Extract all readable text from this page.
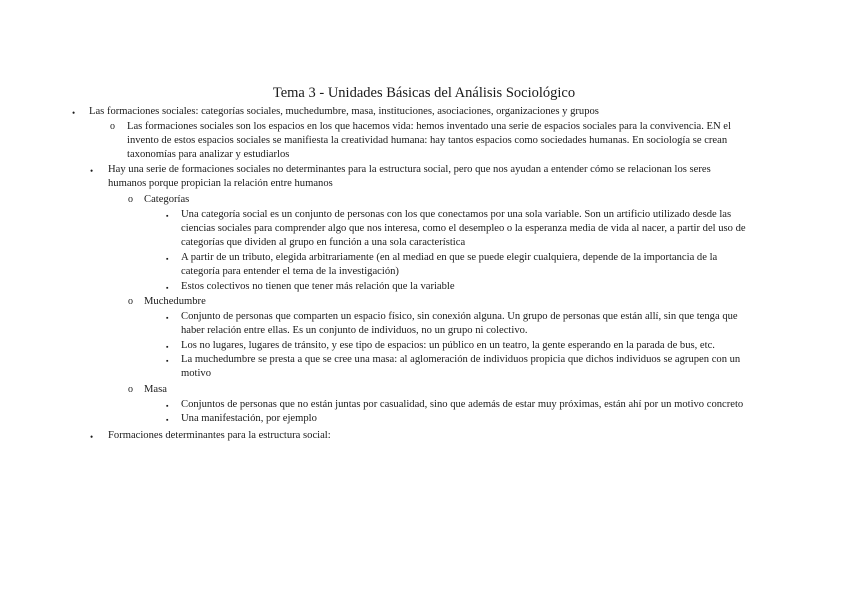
Tema 3 - Unidades Básicas del Análisis Sociológico
• Las formaciones sociales: categorías sociales, muchedumbre, masa, instituciones, asociaciones, organizaciones y grupos
o Las formaciones sociales son los espacios en los que hacemos vida: hemos inventado una serie de espacios sociales para la convivencia. EN el
invento de estos espacios sociales se manifiesta la creatividad humana: hay tantos espacios como sociedades humanas. En sociología se crean
taxonomías para analizar y estudiarlos
• Hay una serie de formaciones sociales no determinantes para la estructura social, pero que nos ayudan a entender cómo se relacionan los seres
humanos porque propician la relación entre humanos
o Categorías
▪ Una categoría social es un conjunto de personas con los que conectamos por una sola variable. Son un artificio utilizado desde las
ciencias sociales para comprender algo que nos interesa, como el desempleo o la esperanza media de vida al nacer, a partir del uso de
categorías que dividen al grupo en función a una sola característica
▪ A partir de un tributo, elegida arbitrariamente (en al mediad en que se puede elegir cualquiera, depende de la importancia de la
categoría para entender el tema de la investigación)
▪ Estos colectivos no tienen que tener más relación que la variable
o Muchedumbre
▪ Conjunto de personas que comparten un espacio físico, sin conexión alguna. Un grupo de personas que están allí, sin que tenga que
haber relación entre ellas. Es un conjunto de individuos, no un grupo ni colectivo.
▪ Los no lugares, lugares de tránsito, y ese tipo de espacios: un público en un teatro, la gente esperando en la parada de bus, etc.
▪ La muchedumbre se presta a que se cree una masa: al aglomeración de individuos propicia que dichos individuos se agrupen con un
motivo
o Masa
▪ Conjuntos de personas que no están juntas por casualidad, sino que además de estar muy próximas, están ahí por un motivo concreto
▪ Una manifestación, por ejemplo
• Formaciones determinantes para la estructura social:
